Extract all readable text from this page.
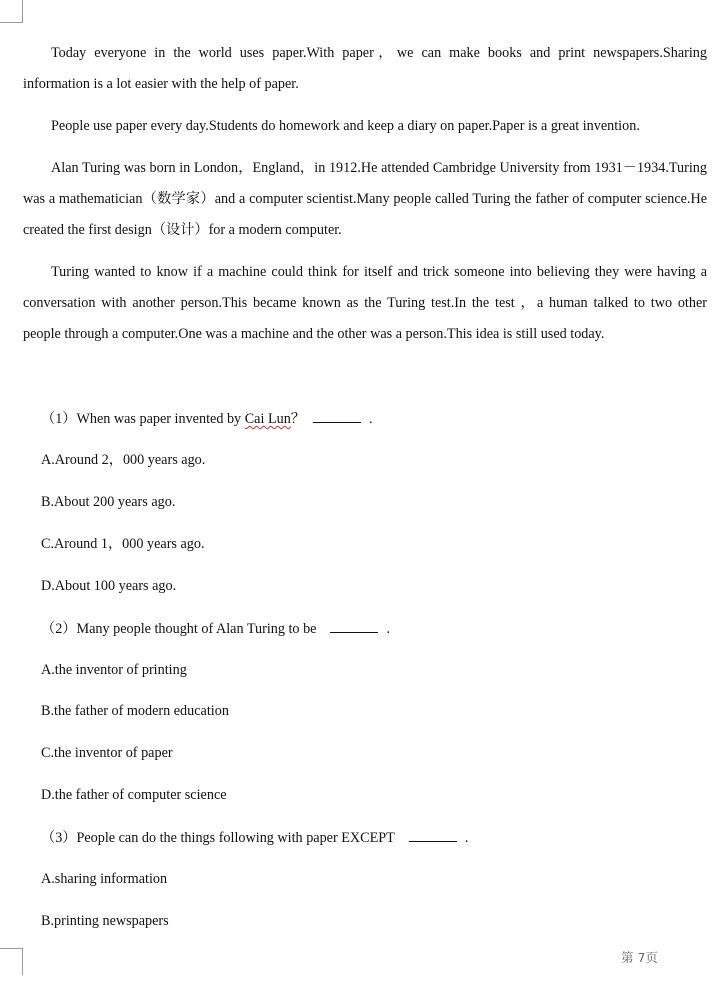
Today everyone in the world uses paper.With paper，we can make books and print newspapers.Sharing information is a lot easier with the help of paper.

People use paper every day.Students do homework and keep a diary on paper.Paper is a great invention.

Alan Turing was born in London，England，in 1912.He attended Cambridge University from 1931－1934.Turing was a mathematician（数学家）and a computer scientist.Many people called Turing the father of computer science.He created the first design（设计）for a modern computer.

Turing wanted to know if a machine could think for itself and trick someone into believing they were having a conversation with another person.This became known as the Turing test.In the test ，a human talked to two other people through a computer.One was a machine and the other was a person.This idea is still used today.

（1）When was paper invented by Cai Lun？	.
A.Around 2，000 years ago.
B.About 200 years ago.
C.Around 1，000 years ago.
D.About 100 years ago.
（2）Many people thought of Alan Turing to be	.
A.the inventor of printing
B.the father of modern education
C.the inventor of paper
D.the father of computer science
（3）People can do the things following with paper EXCEPT	.
A.sharing information
B.printing newspapers
第 7页
